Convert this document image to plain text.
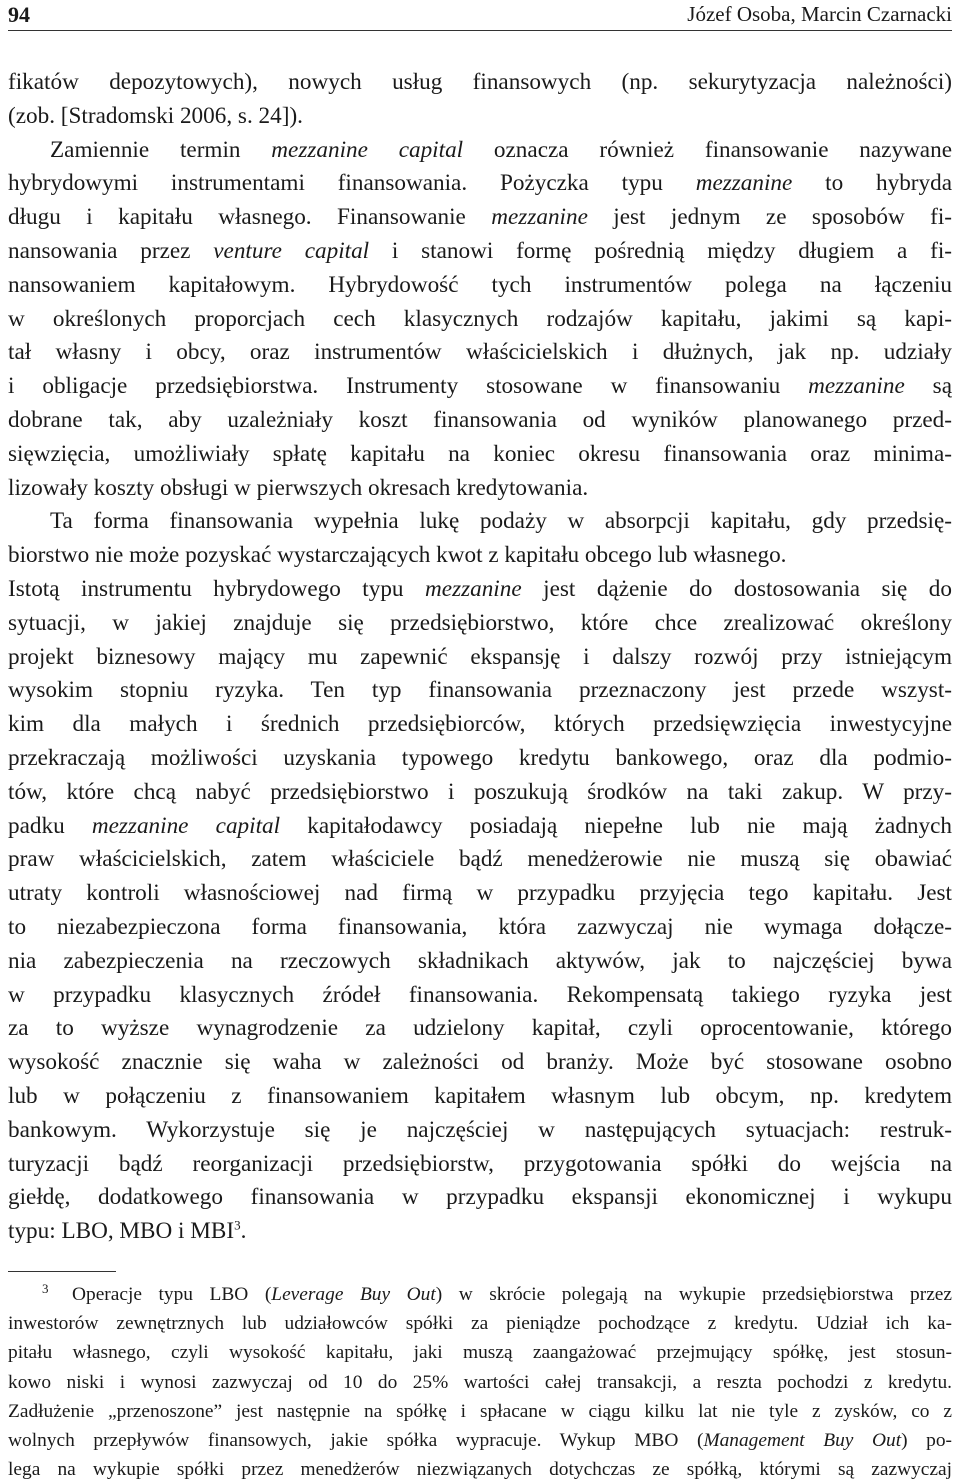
94	Józef Osoba, Marcin Czarnacki
fikatów depozytowych), nowych usług finansowych (np. sekurytyzacja należności)
(zob. [Stradomski 2006, s. 24]).
Zamiennie termin mezzanine capital oznacza również finansowanie nazywane
hybrydowymi instrumentami finansowania. Pożyczka typu mezzanine to hybryda
długu i kapitału własnego. Finansowanie mezzanine jest jednym ze sposobów fi-
nansowania przez venture capital i stanowi formę pośrednią między długiem a fi-
nansowaniem kapitałowym. Hybrydowość tych instrumentów polega na łączeniu
w określonych proporcjach cech klasycznych rodzajów kapitału, jakimi są kapi-
tał własny i obcy, oraz instrumentów właścicielskich i dłużnych, jak np. udziały
i obligacje przedsiębiorstwa. Instrumenty stosowane w finansowaniu mezzanine są
dobrane tak, aby uzależniały koszt finansowania od wyników planowanego przed-
sięwzięcia, umożliwiały spłatę kapitału na koniec okresu finansowania oraz minima-
lizowały koszty obsługi w pierwszych okresach kredytowania.
Ta forma finansowania wypełnia lukę podaży w absorpcji kapitału, gdy przedsię-
biorstwo nie może pozyskać wystarczających kwot z kapitału obcego lub własnego.
Istotą instrumentu hybrydowego typu mezzanine jest dążenie do dostosowania się do
sytuacji, w jakiej znajduje się przedsiębiorstwo, które chce zrealizować określony
projekt biznesowy mający mu zapewnić ekspansję i dalszy rozwój przy istniejącym
wysokim stopniu ryzyka. Ten typ finansowania przeznaczony jest przede wszyst-
kim dla małych i średnich przedsiębiorców, których przedsięwzięcia inwestycyjne
przekraczają możliwości uzyskania typowego kredytu bankowego, oraz dla podmio-
tów, które chcą nabyć przedsiębiorstwo i poszukują środków na taki zakup. W przy-
padku mezzanine capital kapitałodawcy posiadają niepełne lub nie mają żadnych
praw właścicielskich, zatem właściciele bądź menedżerowie nie muszą się obawiać
utraty kontroli własnościowej nad firmą w przypadku przyjęcia tego kapitału. Jest
to niezabezpieczona forma finansowania, która zazwyczaj nie wymaga dołącze-
nia zabezpieczenia na rzeczowych składnikach aktywów, jak to najczęściej bywa
w przypadku klasycznych źródeł finansowania. Rekompensatą takiego ryzyka jest
za to wyższe wynagrodzenie za udzielony kapitał, czyli oprocentowanie, którego
wysokość znacznie się waha w zależności od branży. Może być stosowane osobno
lub w połączeniu z finansowaniem kapitałem własnym lub obcym, np. kredytem
bankowym. Wykorzystuje się je najczęściej w następujących sytuacjach: restruk-
turyzacji bądź reorganizacji przedsiębiorstw, przygotowania spółki do wejścia na
giełdę, dodatkowego finansowania w przypadku ekspansji ekonomicznej i wykupu
typu: LBO, MBO i MBI$^3$.
3 Operacje typu LBO (Leverage Buy Out) w skrócie polegają na wykupie przedsiębiorstwa przez
inwestorów zewnętrznych lub udziałowców spółki za pieniądze pochodzące z kredytu. Udział ich ka-
pitału własnego, czyli wysokość kapitału, jaki muszą zaangażować przejmujący spółkę, jest stosun-
kowo niski i wynosi zazwyczaj od 10 do 25% wartości całej transakcji, a reszta pochodzi z kredytu.
Zadłużenie „przenoszone” jest następnie na spółkę i spłacane w ciągu kilku lat nie tyle z zysków, co z
wolnych przepływów finansowych, jakie spółka wypracuje. Wykup MBO (Management Buy Out) po-
lega na wykupie spółki przez menedżerów niezwiązanych dotychczas ze spółką, którymi są zazwyczaj
